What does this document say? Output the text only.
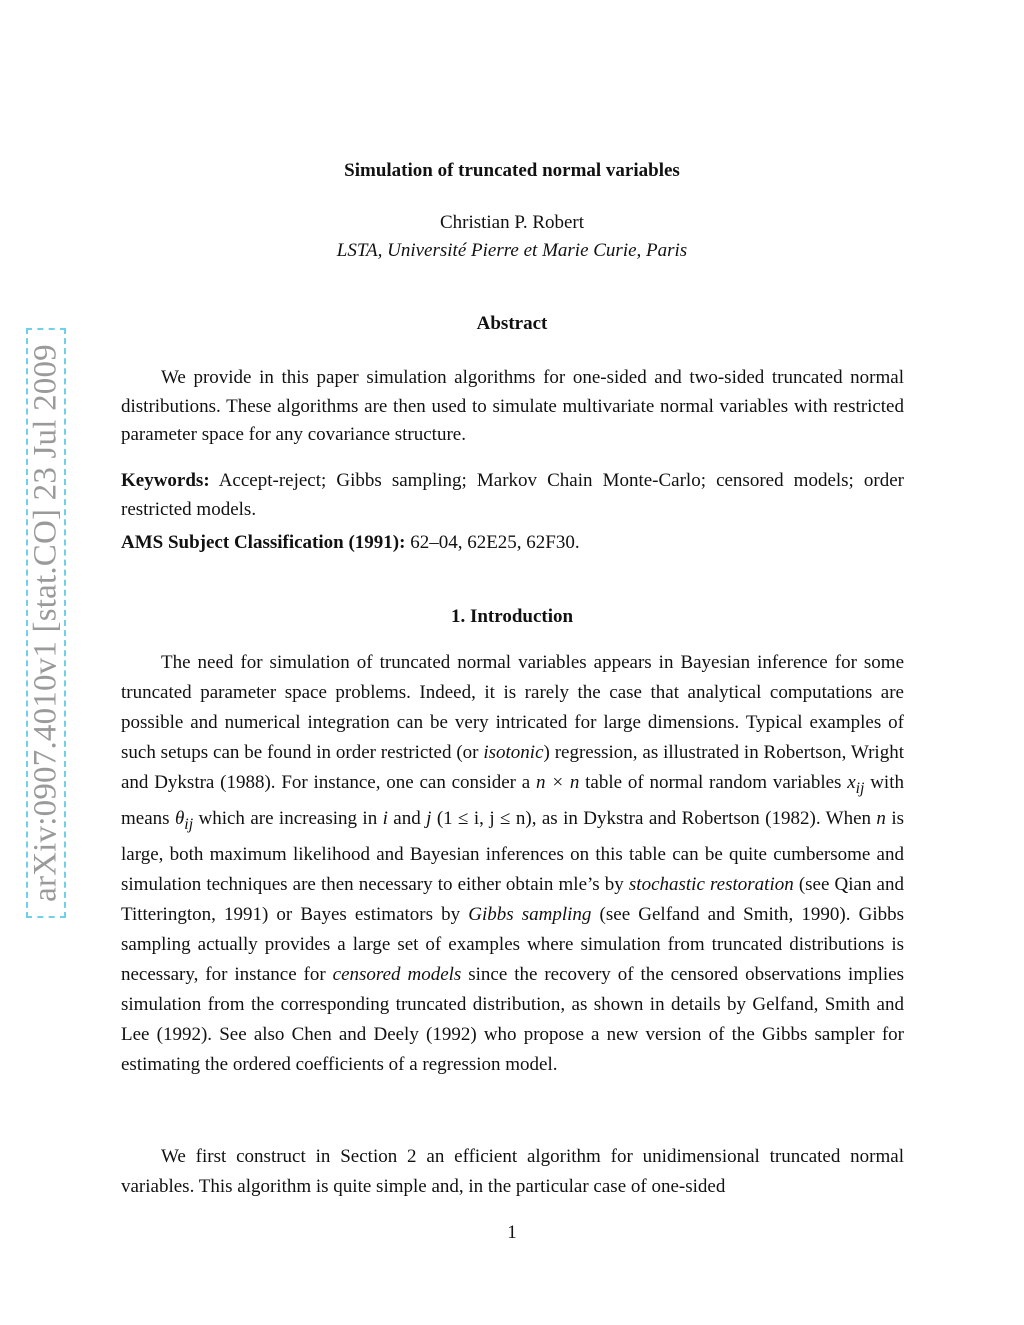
arXiv:0907.4010v1 [stat.CO] 23 Jul 2009
Simulation of truncated normal variables
Christian P. Robert
LSTA, Université Pierre et Marie Curie, Paris
Abstract
We provide in this paper simulation algorithms for one-sided and two-sided truncated normal distributions. These algorithms are then used to simulate multivariate normal variables with restricted parameter space for any covariance structure.
Keywords: Accept-reject; Gibbs sampling; Markov Chain Monte-Carlo; censored models; order restricted models.
AMS Subject Classification (1991): 62–04, 62E25, 62F30.
1. Introduction
The need for simulation of truncated normal variables appears in Bayesian inference for some truncated parameter space problems. Indeed, it is rarely the case that analytical computations are possible and numerical integration can be very intricated for large dimensions. Typical examples of such setups can be found in order restricted (or isotonic) regression, as illustrated in Robertson, Wright and Dykstra (1988). For instance, one can consider a n × n table of normal random variables $x_{ij}$ with means $\theta_{ij}$ which are increasing in i and j (1 ≤ i, j ≤ n), as in Dykstra and Robertson (1982). When n is large, both maximum likelihood and Bayesian inferences on this table can be quite cumbersome and simulation techniques are then necessary to either obtain mle’s by stochastic restoration (see Qian and Titterington, 1991) or Bayes estimators by Gibbs sampling (see Gelfand and Smith, 1990). Gibbs sampling actually provides a large set of examples where simulation from truncated distributions is necessary, for instance for censored models since the recovery of the censored observations implies simulation from the corresponding truncated distribution, as shown in details by Gelfand, Smith and Lee (1992). See also Chen and Deely (1992) who propose a new version of the Gibbs sampler for estimating the ordered coefficients of a regression model.
We first construct in Section 2 an efficient algorithm for unidimensional truncated normal variables. This algorithm is quite simple and, in the particular case of one-sided
1
